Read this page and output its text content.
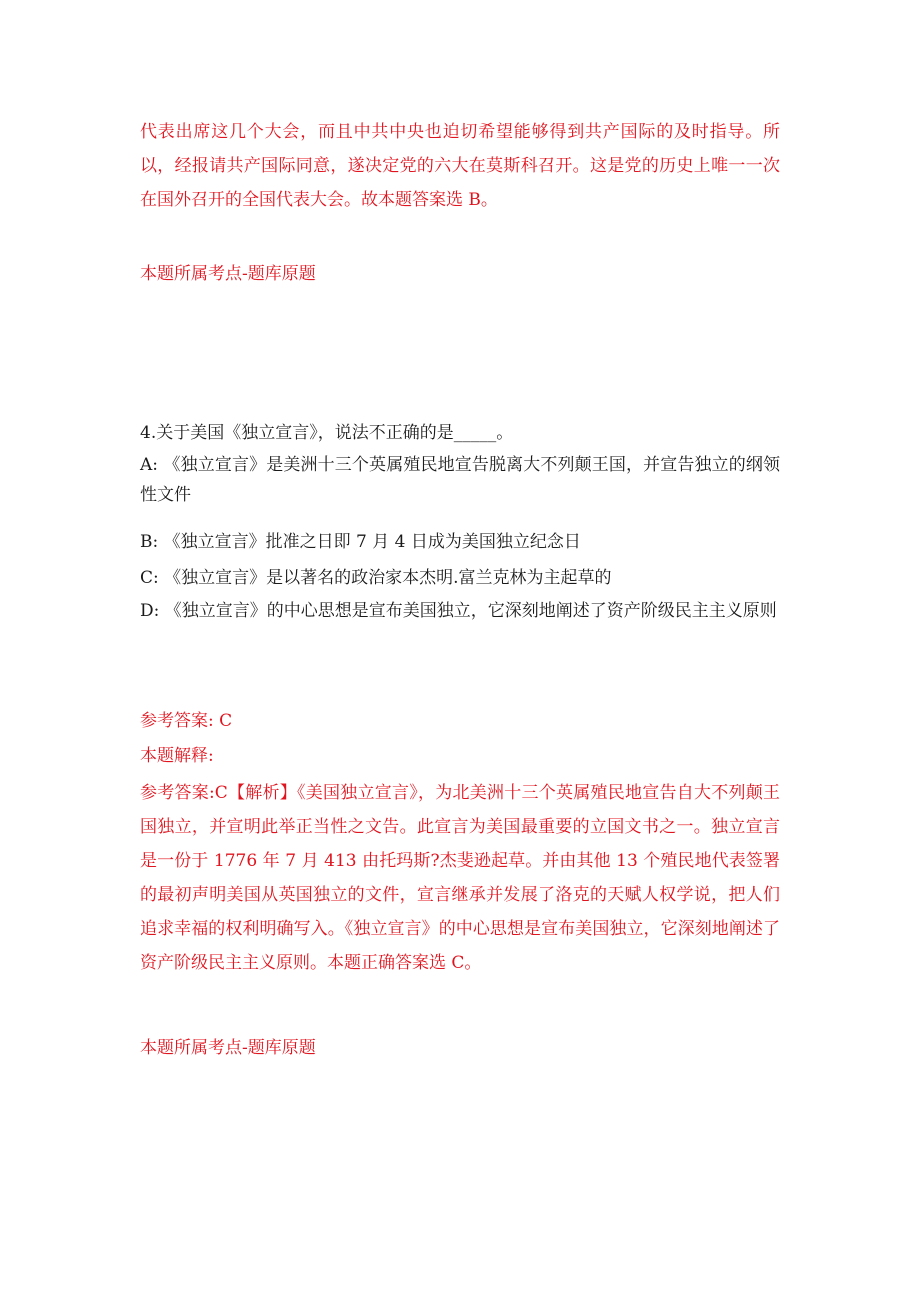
代表出席这几个大会，而且中共中央也迫切希望能够得到共产国际的及时指导。所以，经报请共产国际同意，遂决定党的六大在莫斯科召开。这是党的历史上唯一一次在国外召开的全国代表大会。故本题答案选 B。
本题所属考点-题库原题
4.关于美国《独立宣言》，说法不正确的是_____。
A: 《独立宣言》是美洲十三个英属殖民地宣告脱离大不列颠王国，并宣告独立的纲领性文件
B: 《独立宣言》批准之日即 7 月 4 日成为美国独立纪念日
C: 《独立宣言》是以著名的政治家本杰明.富兰克林为主起草的
D: 《独立宣言》的中心思想是宣布美国独立，它深刻地阐述了资产阶级民主主义原则
参考答案: C
本题解释:
参考答案:C【解析】《美国独立宣言》，为北美洲十三个英属殖民地宣告自大不列颠王国独立，并宣明此举正当性之文告。此宣言为美国最重要的立国文书之一。独立宣言是一份于 1776 年 7 月 413 由托玛斯?杰斐逊起草。并由其他 13 个殖民地代表签署的最初声明美国从英国独立的文件，宣言继承并发展了洛克的天赋人权学说，把人们追求幸福的权利明确写入。《独立宣言》的中心思想是宣布美国独立，它深刻地阐述了资产阶级民主主义原则。本题正确答案选 C。
本题所属考点-题库原题
